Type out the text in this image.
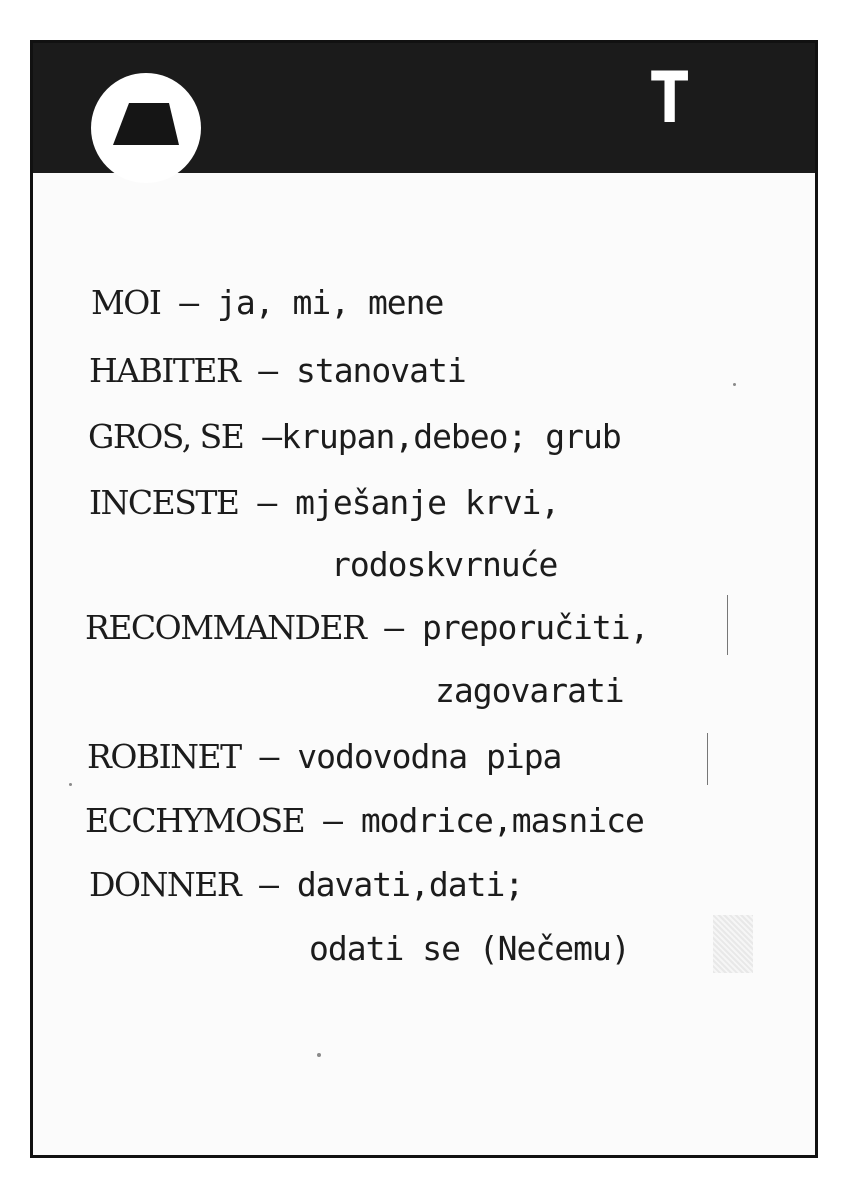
T
MOI – ja, mi, mene
HABITER – stanovati
GROS, SE –krupan,debeo; grub
INCESTE – mješanje krvi,
rodoskvrnuće
RECOMMANDER – preporučiti,
zagovarati
ROBINET – vodovodna pipa
ECCHYMOSE – modrice,masnice
DONNER – davati,dati;
odati se (Nečemu)
